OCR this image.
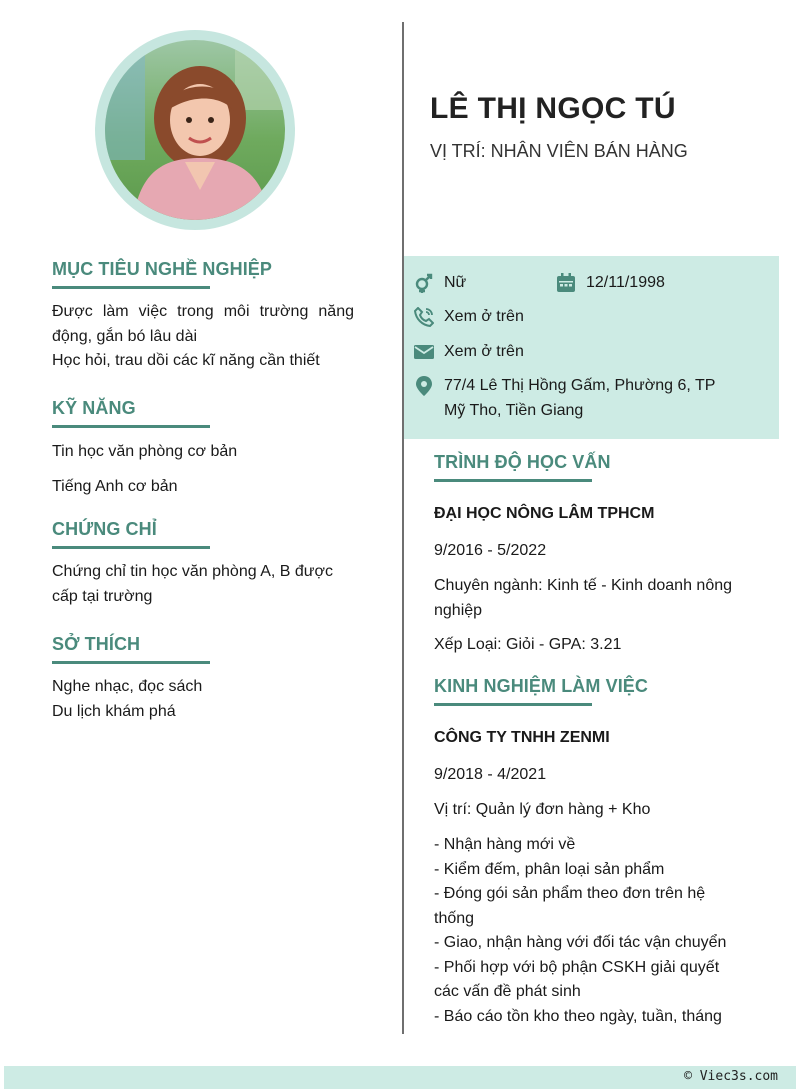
MỤC TIÊU NGHỀ NGHIỆP
Được làm việc trong môi trường năng
động, gắn bó lâu dài
Học hỏi, trau dồi các kĩ năng cần thiết
KỸ NĂNG
Tin học văn phòng cơ bản
Tiếng Anh cơ bản
CHỨNG CHỈ
Chứng chỉ tin học văn phòng A, B được
cấp tại trường
SỞ THÍCH
Nghe nhạc, đọc sách
Du lịch khám phá
LÊ THỊ NGỌC TÚ
VỊ TRÍ: NHÂN VIÊN BÁN HÀNG
Nữ	12/11/1998
Xem ở trên
Xem ở trên
77/4 Lê Thị Hồng Gấm, Phường 6, TP
Mỹ Tho, Tiền Giang
TRÌNH ĐỘ HỌC VẤN
ĐẠI HỌC NÔNG LÂM TPHCM
9/2016 - 5/2022
Chuyên ngành: Kinh tế - Kinh doanh nông
nghiệp
Xếp Loại: Giỏi - GPA: 3.21
KINH NGHIỆM LÀM VIỆC
CÔNG TY TNHH ZENMI
9/2018 - 4/2021
Vị trí: Quản lý đơn hàng + Kho
- Nhận hàng mới về
- Kiểm đếm, phân loại sản phẩm
- Đóng gói sản phẩm theo đơn trên hệ
thống
- Giao, nhận hàng với đối tác vận chuyển
- Phối hợp với bộ phận CSKH giải quyết
các vấn đề phát sinh
- Báo cáo tồn kho theo ngày, tuần, tháng
© Viec3s.com
